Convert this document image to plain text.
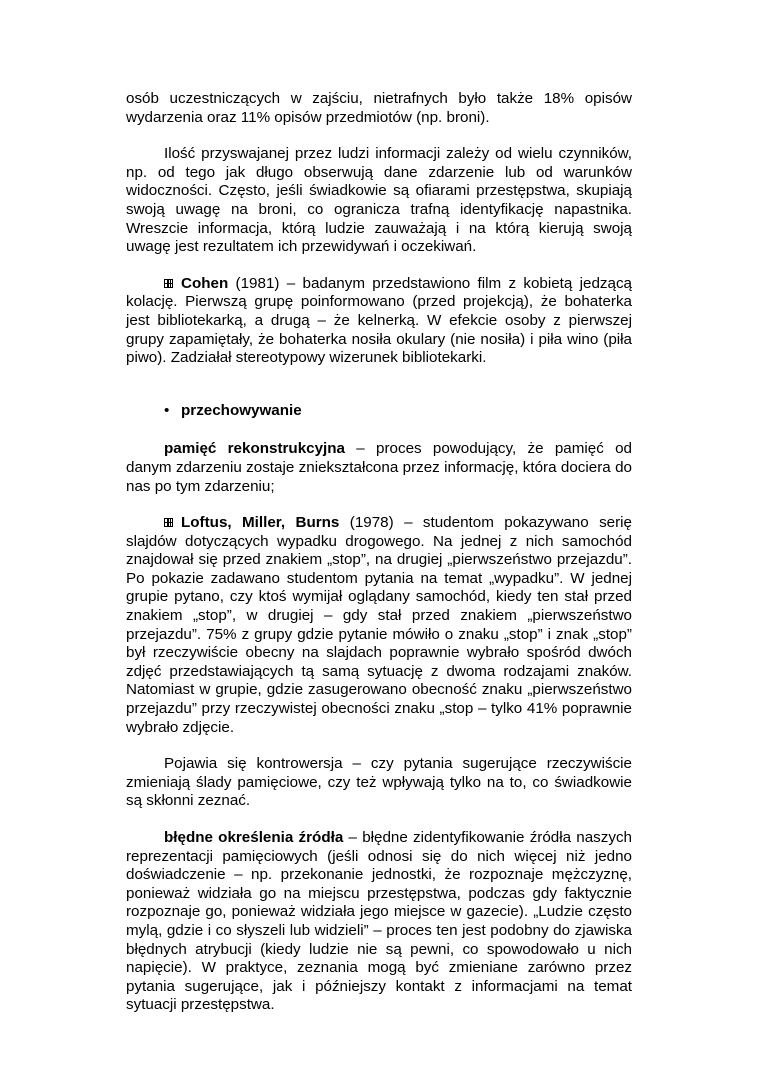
osób uczestniczących w zajściu, nietrafnych było także 18% opisów wydarzenia oraz 11% opisów przedmiotów (np. broni).

Ilość przyswajanej przez ludzi informacji zależy od wielu czynników, np. od tego jak długo obserwują dane zdarzenie lub od warunków widoczności. Często, jeśli świadkowie są ofiarami przestępstwa, skupiają swoją uwagę na broni, co ogranicza trafną identyfikację napastnika. Wreszcie informacja, którą ludzie zauważają i na którą kierują swoją uwagę jest rezultatem ich przewidywań i oczekiwań.

Cohen (1981) – badanym przedstawiono film z kobietą jedzącą kolację. Pierwszą grupę poinformowano (przed projekcją), że bohaterka jest bibliotekarką, a drugą – że kelnerką. W efekcie osoby z pierwszej grupy zapamiętały, że bohaterka nosiła okulary (nie nosiła) i piła wino (piła piwo). Zadziałał stereotypowy wizerunek bibliotekarki.

• przechowywanie

pamięć rekonstrukcyjna – proces powodujący, że pamięć od danym zdarzeniu zostaje zniekształcona przez informację, która dociera do nas po tym zdarzeniu;

Loftus, Miller, Burns (1978) – studentom pokazywano serię slajdów dotyczących wypadku drogowego. Na jednej z nich samochód znajdował się przed znakiem „stop”, na drugiej „pierwszeństwo przejazdu”. Po pokazie zadawano studentom pytania na temat „wypadku”. W jednej grupie pytano, czy ktoś wymijał oglądany samochód, kiedy ten stał przed znakiem „stop”, w drugiej – gdy stał przed znakiem „pierwszeństwo przejazdu”. 75% z grupy gdzie pytanie mówiło o znaku „stop” i znak „stop” był rzeczywiście obecny na slajdach poprawnie wybrało spośród dwóch zdjęć przedstawiających tą samą sytuację z dwoma rodzajami znaków. Natomiast w grupie, gdzie zasugerowano obecność znaku „pierwszeństwo przejazdu” przy rzeczywistej obecności znaku „stop – tylko 41% poprawnie wybrało zdjęcie.

Pojawia się kontrowersja – czy pytania sugerujące rzeczywiście zmieniają ślady pamięciowe, czy też wpływają tylko na to, co świadkowie są skłonni zeznać.

błędne określenia źródła – błędne zidentyfikowanie źródła naszych reprezentacji pamięciowych (jeśli odnosi się do nich więcej niż jedno doświadczenie – np. przekonanie jednostki, że rozpoznaje mężczyznę, ponieważ widziała go na miejscu przestępstwa, podczas gdy faktycznie rozpoznaje go, ponieważ widziała jego miejsce w gazecie). „Ludzie często mylą, gdzie i co słyszeli lub widzieli” – proces ten jest podobny do zjawiska błędnych atrybucji (kiedy ludzie nie są pewni, co spowodowało u nich napięcie). W praktyce, zeznania mogą być zmieniane zarówno przez pytania sugerujące, jak i późniejszy kontakt z informacjami na temat sytuacji przestępstwa.
